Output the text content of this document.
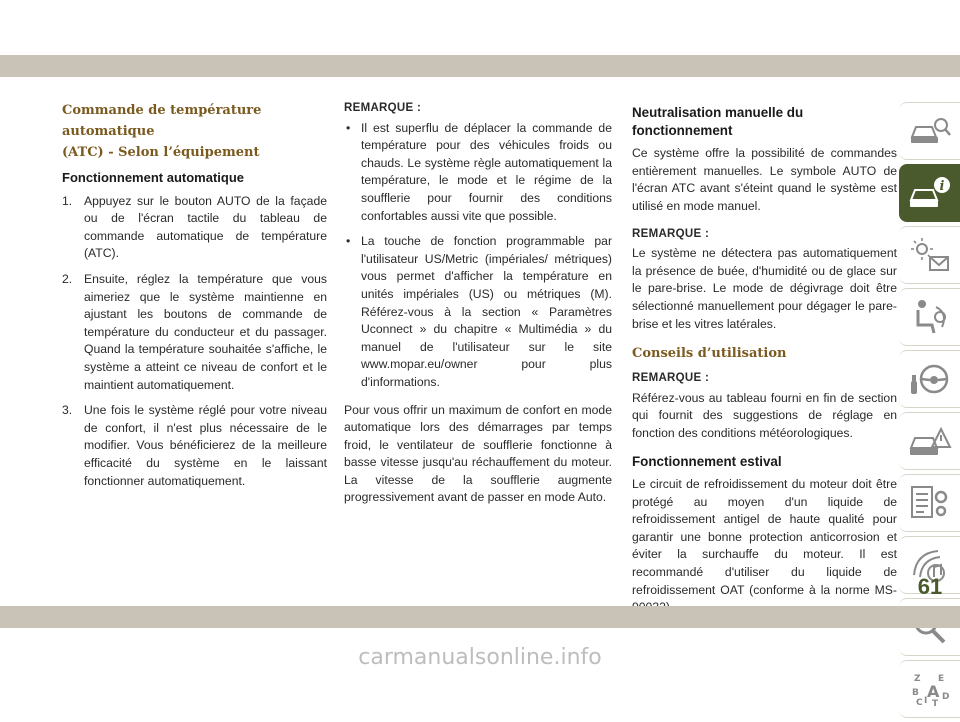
Commande de température automatique
(ATC) - Selon l’équipement
Fonctionnement automatique
1. Appuyez sur le bouton AUTO de la façade ou de l'écran tactile du tableau de commande automatique de température (ATC).
2. Ensuite, réglez la température que vous aimeriez que le système maintienne en ajustant les boutons de commande de température du conducteur et du passager. Quand la température souhaitée s'affiche, le système a atteint ce niveau de confort et le maintient automatiquement.
3. Une fois le système réglé pour votre niveau de confort, il n'est plus nécessaire de le modifier. Vous bénéficierez de la meilleure efficacité du système en le laissant fonctionner automatiquement.
REMARQUE :
• Il est superflu de déplacer la commande de température pour des véhicules froids ou chauds. Le système règle automatiquement la température, le mode et le régime de la soufflerie pour fournir des conditions confortables aussi vite que possible.
• La touche de fonction programmable par l'utilisateur US/Metric (impériales/ métriques) vous permet d'afficher la température en unités impériales (US) ou métriques (M). Référez-vous à la section « Paramètres Uconnect » du chapitre « Multimédia » du manuel de l'utilisateur sur le site www.mopar.eu/owner pour plus d'informations.

Pour vous offrir un maximum de confort en mode automatique lors des démarrages par temps froid, le ventilateur de soufflerie fonctionne à basse vitesse jusqu'au réchauffement du moteur. La vitesse de la soufflerie augmente progressivement avant de passer en mode Auto.

Neutralisation manuelle du fonctionnement

Ce système offre la possibilité de commandes entièrement manuelles. Le symbole AUTO de l'écran ATC avant s'éteint quand le système est utilisé en mode manuel.

REMARQUE :

Le système ne détectera pas automatiquement la présence de buée, d'humidité ou de glace sur le pare-brise. Le mode de dégivrage doit être sélectionné manuellement pour dégager le pare-brise et les vitres latérales.

Conseils d’utilisation
REMARQUE :

Référez-vous au tableau fourni en fin de section qui fournit des suggestions de réglage en fonction des conditions météorologiques.

Fonctionnement estival

Le circuit de refroidissement du moteur doit être protégé au moyen d'un liquide de refroidissement antigel de haute qualité pour garantir une bonne protection anticorrosion et éviter la surchauffe du moteur. Il est recommandé d'utiliser du liquide de refroidissement OAT (conforme à la norme MS-

i
Z E
B
I
C T
D
A
61
carmanualsonline.info
